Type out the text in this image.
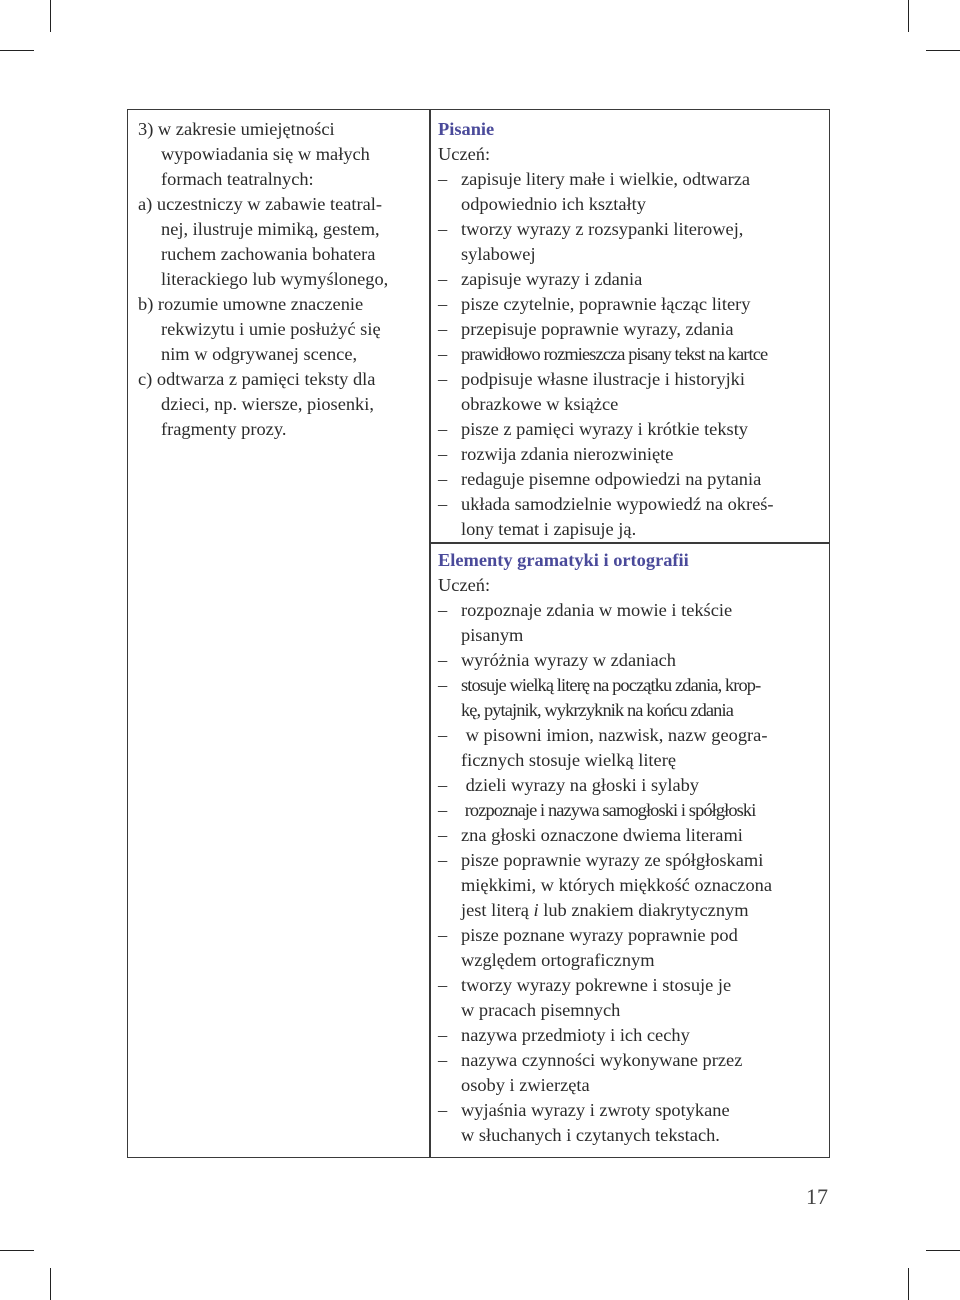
3) w zakresie umiejętności
wypowiadania się w małych
formach teatralnych:
a) uczestniczy w zabawie teatral-
nej, ilustruje mimiką, gestem,
ruchem zachowania bohatera
literackiego lub wymyślonego,
b) rozumie umowne znaczenie
rekwizytu i umie posłużyć się
nim w odgrywanej scence,
c) odtwarza z pamięci teksty dla
dzieci, np. wiersze, piosenki,
fragmenty prozy.
Pisanie
Uczeń:
– zapisuje litery małe i wielkie, odtwarza
odpowiednio ich kształty
– tworzy wyrazy z rozsypanki literowej,
sylabowej
– zapisuje wyrazy i zdania
– pisze czytelnie, poprawnie łącząc litery
– przepisuje poprawnie wyrazy, zdania
– prawidłowo rozmieszcza pisany tekst na kartce
– podpisuje własne ilustracje i historyjki
obrazkowe w książce
– pisze z pamięci wyrazy i krótkie teksty
– rozwija zdania nierozwinięte
– redaguje pisemne odpowiedzi na pytania
– układa samodzielnie wypowiedź na okreś-
lony temat i zapisuje ją.
Elementy gramatyki i ortografii
Uczeń:
– rozpoznaje zdania w mowie i tekście
pisanym
– wyróżnia wyrazy w zdaniach
– stosuje wielką literę na początku zdania, krop-
kę, pytajnik, wykrzyknik na końcu zdania
– w pisowni imion, nazwisk, nazw geogra-
ficznych stosuje wielką literę
– dzieli wyrazy na głoski i sylaby
– rozpoznaje i nazywa samogłoski i spółgłoski
– zna głoski oznaczone dwiema literami
– pisze poprawnie wyrazy ze spółgłoskami
miękkimi, w których miękkość oznaczona
jest literą i lub znakiem diakrytycznym
– pisze poznane wyrazy poprawnie pod
względem ortograficznym
– tworzy wyrazy pokrewne i stosuje je
w pracach pisemnych
– nazywa przedmioty i ich cechy
– nazywa czynności wykonywane przez
osoby i zwierzęta
– wyjaśnia wyrazy i zwroty spotykane
w słuchanych i czytanych tekstach.
17
